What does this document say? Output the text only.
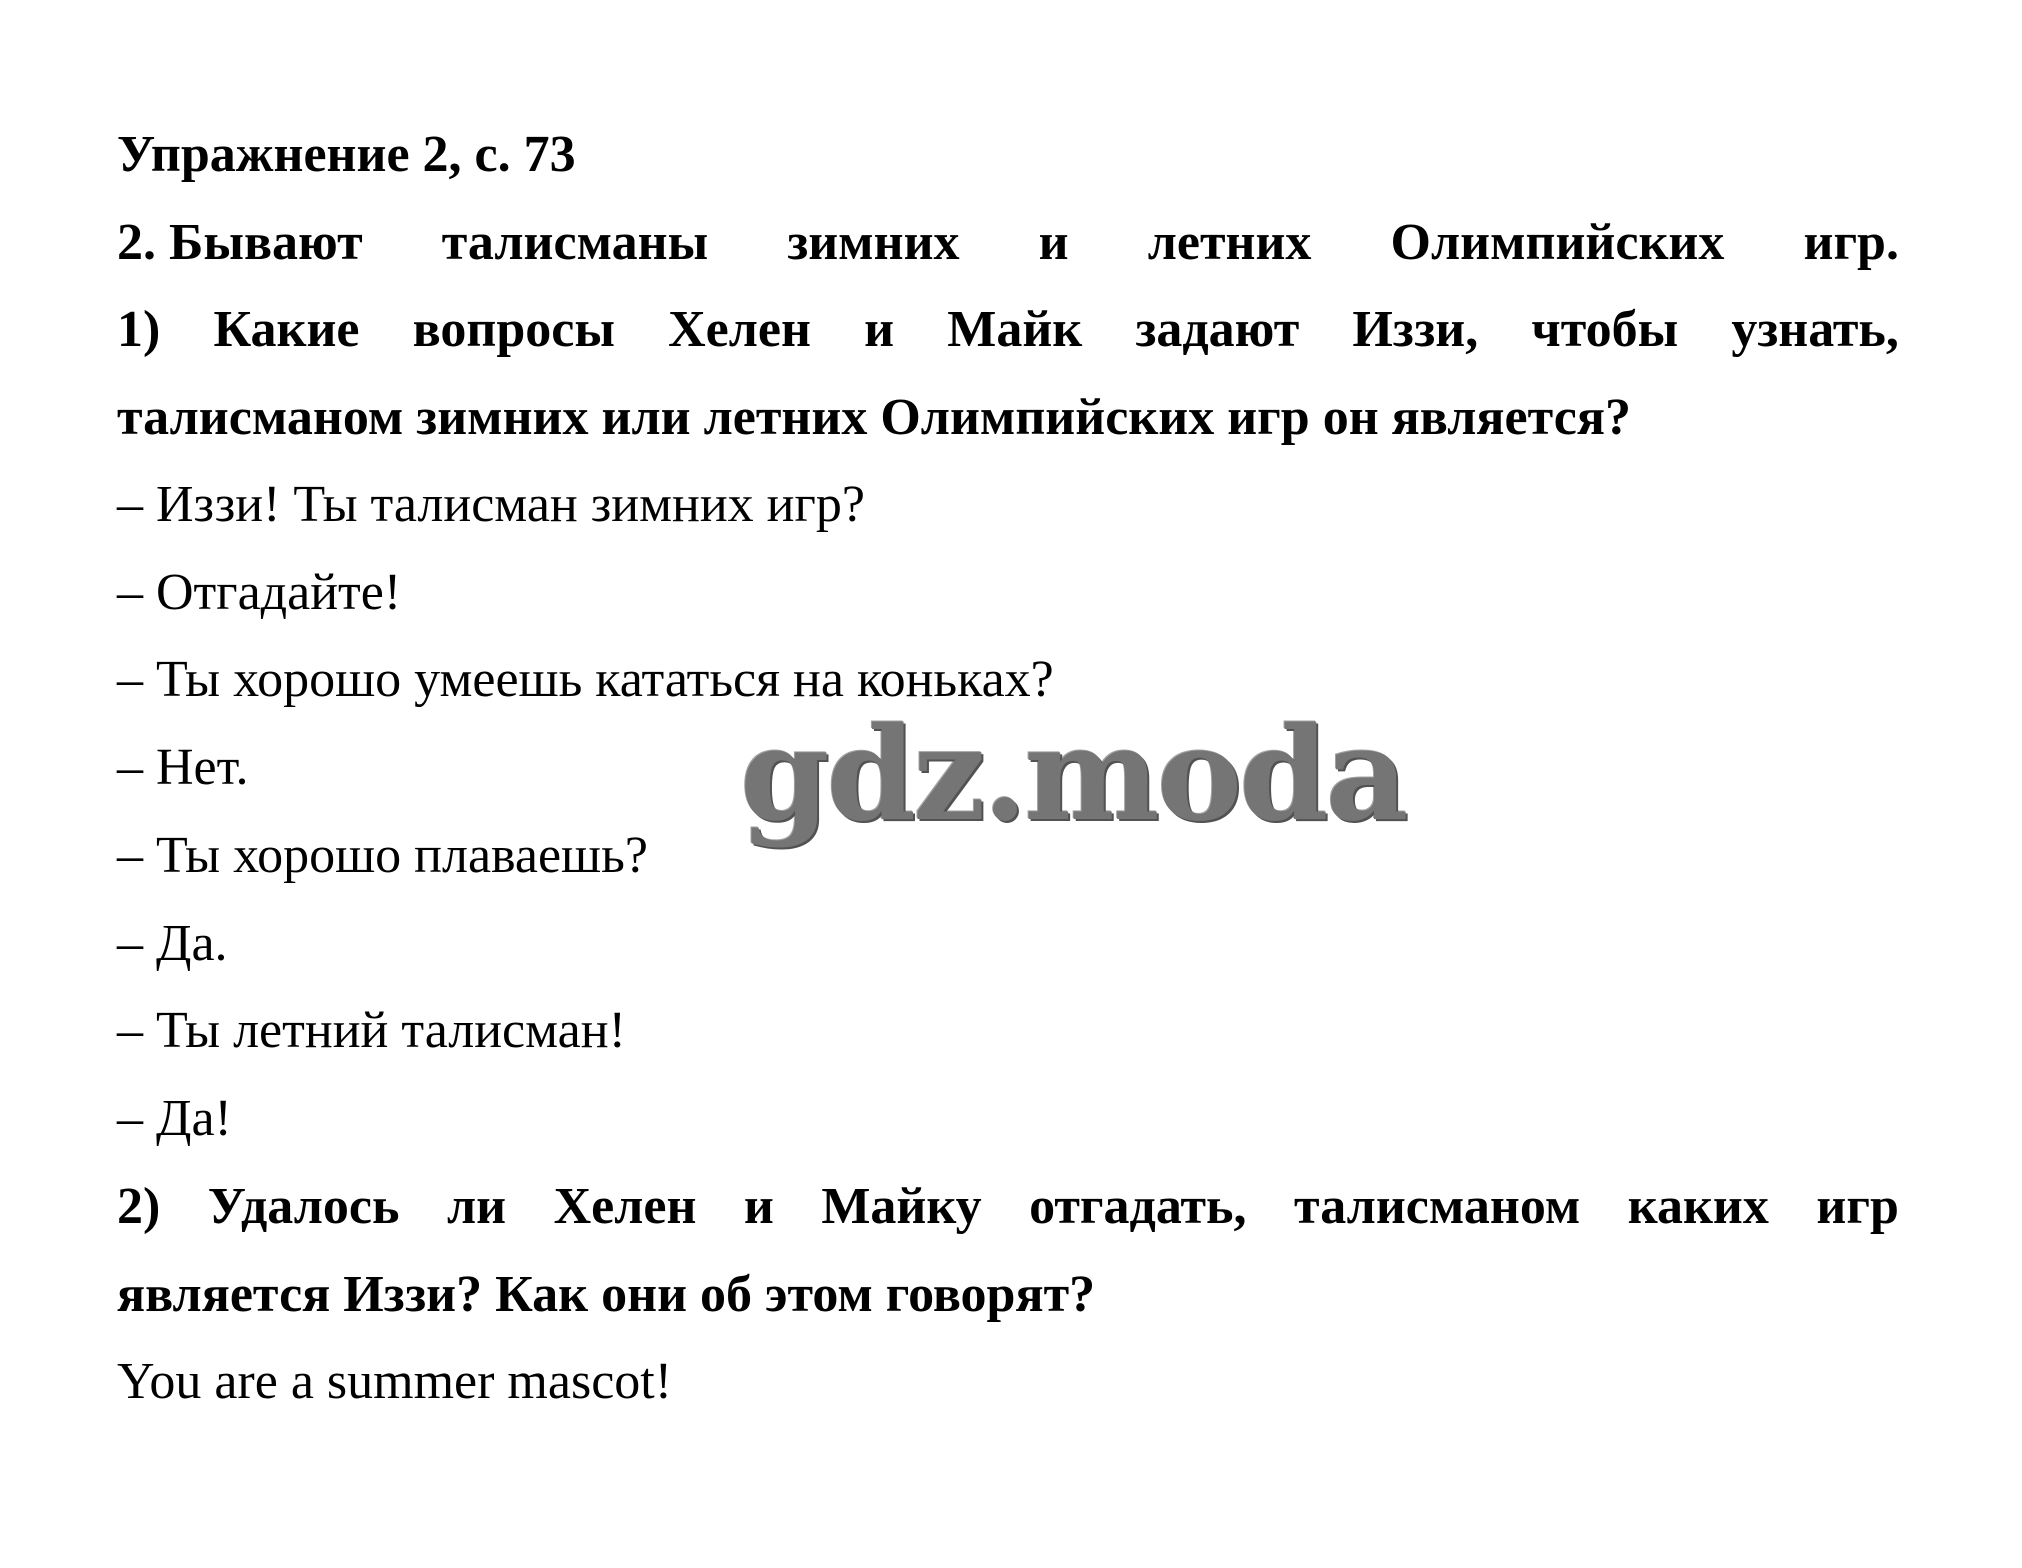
Упражнение 2, с. 73
2. Бывают талисманы зимних и летних Олимпийских игр.
1) Какие вопросы Хелен и Майк задают Иззи, чтобы узнать,
талисманом зимних или летних Олимпийских игр он является?
– Иззи! Ты талисман зимних игр?
– Отгадайте!
– Ты хорошо умеешь кататься на коньках?
– Нет.
– Ты хорошо плаваешь?
– Да.
– Ты летний талисман!
– Да!
2) Удалось ли Хелен и Майку отгадать, талисманом каких игр
является Иззи? Как они об этом говорят?
You are a summer mascot!
gdz.moda
